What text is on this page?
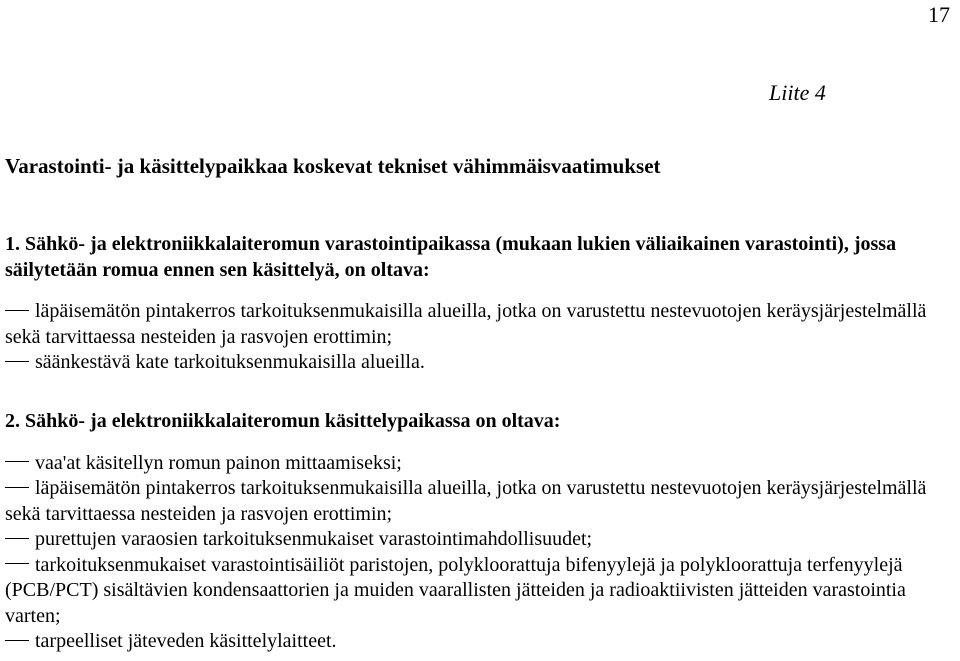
17
Liite 4
Varastointi- ja käsittelypaikkaa koskevat tekniset vähimmäisvaatimukset
1. Sähkö- ja elektroniikkalaiteromun varastointipaikassa (mukaan lukien väliaikainen varastointi), jossa säilytetään romua ennen sen käsittelyä, on oltava:
läpäisemätön pintakerros tarkoituksenmukaisilla alueilla, jotka on varustettu nestevuotojen keräysjärjestelmällä sekä tarvittaessa nesteiden ja rasvojen erottimin;
säänkestävä kate tarkoituksenmukaisilla alueilla.
2. Sähkö- ja elektroniikkalaiteromun käsittelypaikassa on oltava:
vaa'at käsitellyn romun painon mittaamiseksi;
läpäisemätön pintakerros tarkoituksenmukaisilla alueilla, jotka on varustettu nestevuotojen keräysjärjestelmällä sekä tarvittaessa nesteiden ja rasvojen erottimin;
purettujen varaosien tarkoituksenmukaiset varastointimahdollisuudet;
tarkoituksenmukaiset varastointisäiliöt paristojen, polykloorattuja bifenyylejä ja polykloorattuja terfenyylejä (PCB/PCT) sisältävien kondensaattorien ja muiden vaarallisten jätteiden ja radioaktiivisten jätteiden varastointia varten;
tarpeelliset jäteveden käsittelylaitteet.
